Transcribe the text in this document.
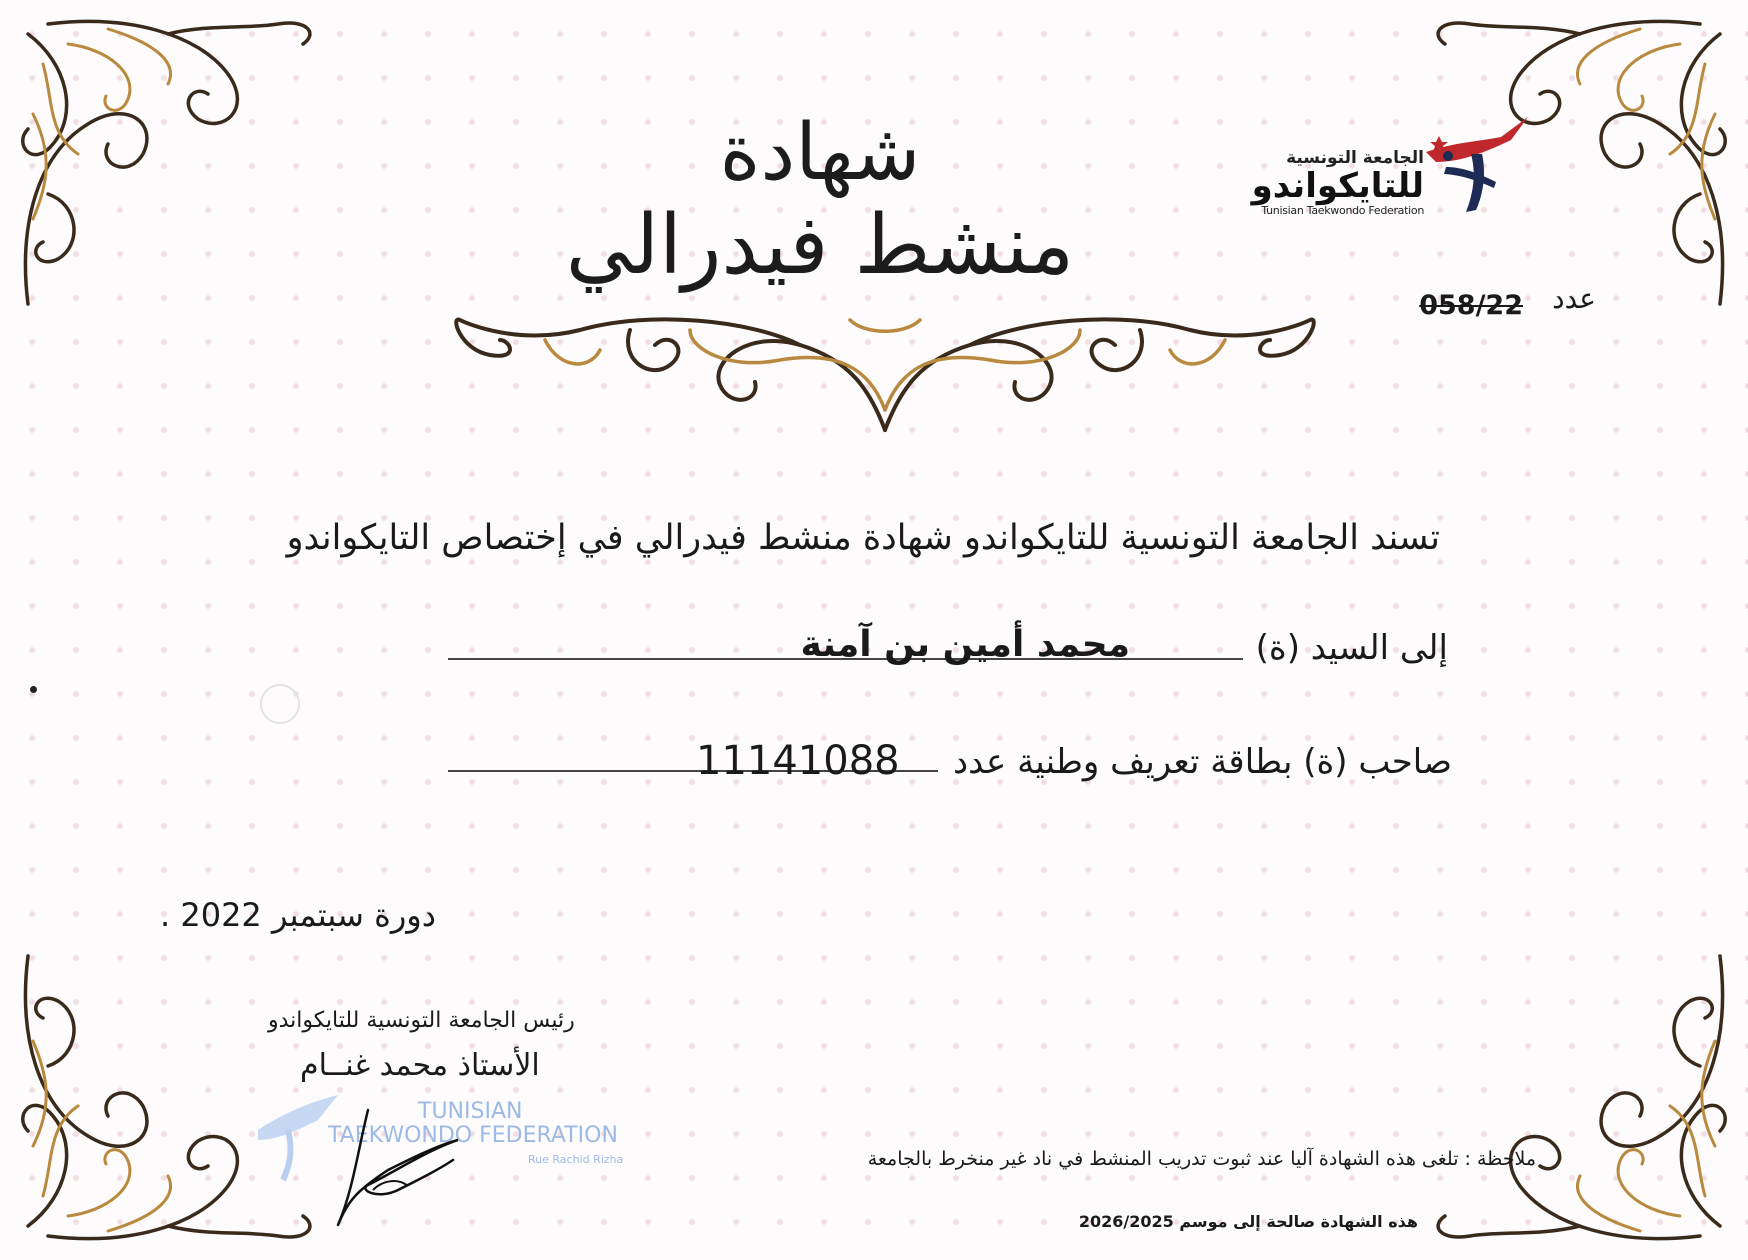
الجامعة التونسية
للتايكواندو
Tunisian Taekwondo Federation
عدد
058/22
شهادة
منشط فيدرالي
تسند الجامعة التونسية للتايكواندو شهادة منشط فيدرالي في إختصاص التايكواندو
إلى السيد (ة)
محمد أمين بن آمنة
صاحب (ة) بطاقة تعريف وطنية عدد
11141088
دورة سبتمبر 2022 .
رئيس الجامعة التونسية للتايكواندو
الأستاذ محمد غنــام
TUNISIAN
TAEKWONDO FEDERATION
Rue Rachid Rizha	ملاحظة : تلغى هذه الشهادة آليا عند ثبوت تدريب المنشط في ناد غير منخرط بالجامعة
هذه الشهادة صالحة إلى موسم 2026/2025
